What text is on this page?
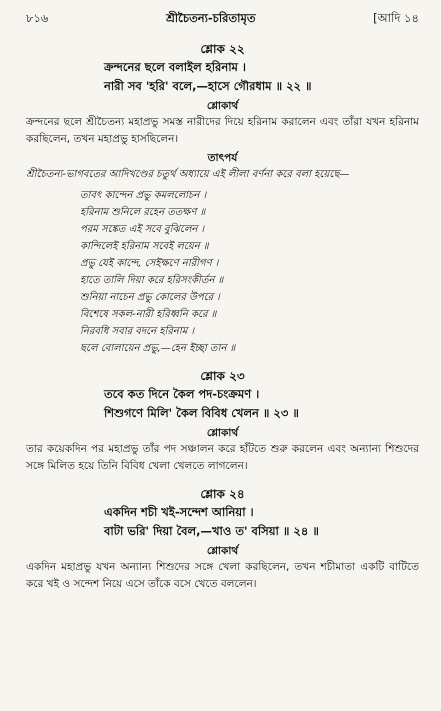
৮১৬	শ্রীচৈতন্য-চরিতামৃত	[আদি ১৪
শ্লোক ২২
ক্রন্দনের ছলে বলাইল হরিনাম ।
নারী সব 'হরি' বলে,—হাসে গৌরধাম ॥ ২২ ॥
শ্লোকার্থ
ক্রন্দনের ছলে শ্রীচৈতন্য মহাপ্রভু সমস্ত নারীদের দিয়ে হরিনাম করালেন এবং তাঁরা যখন হরিনাম করছিলেন, তখন মহাপ্রভু হাসছিলেন।
তাৎপর্য
শ্রীচৈতন্য-ভাগবতের আদিখণ্ডের চতুর্থ অধ্যায়ে এই লীলা বর্ণনা করে বলা হয়েছে—
তাবৎ কান্দেন প্রভু কমললোচন ।
হরিনাম শুনিলে রহেন ততক্ষণ ॥
পরম সঙ্কেত এই সবে বুঝিলেন ।
কান্দিলেই হরিনাম সবেই লয়েন ॥
প্রভু যেই কান্দে, সেইক্ষণে নারীগণ ।
হাতে তালি দিয়া করে হরিসংকীর্তন ॥
শুনিয়া নাচেন প্রভু কোলের উপরে ।
বিশেষে সকল-নারী হরিধ্বনি করে ॥
নিরবধি সবার বদনে হরিনাম ।
ছলে বোলায়েন প্রভু,—হেন ইচ্ছা তান ॥
শ্লোক ২৩
তবে কত দিনে কৈল পদ-চংক্রমণ ।
শিশুগণে মিলি' কৈল বিবিধ খেলন ॥ ২৩ ॥
শ্লোকার্থ
তার কয়েকদিন পর মহাপ্রভু তাঁর পদ সঞ্চালন করে হাঁটতে শুরু করলেন এবং অন্যান্য শিশুদের সঙ্গে মিলিত হয়ে তিনি বিবিধ খেলা খেলতে লাগলেন।
শ্লোক ২৪
একদিন শচী খই-সন্দেশ আনিয়া ।
বাটা ভরি' দিয়া বৈল,—খাও ত' বসিয়া ॥ ২৪ ॥
শ্লোকার্থ
একদিন মহাপ্রভু যখন অন্যান্য শিশুদের সঙ্গে খেলা করছিলেন, তখন শচীমাতা একটি বাটিতে করে খই ও সন্দেশ নিয়ে এসে তাঁকে বসে খেতে বললেন।
